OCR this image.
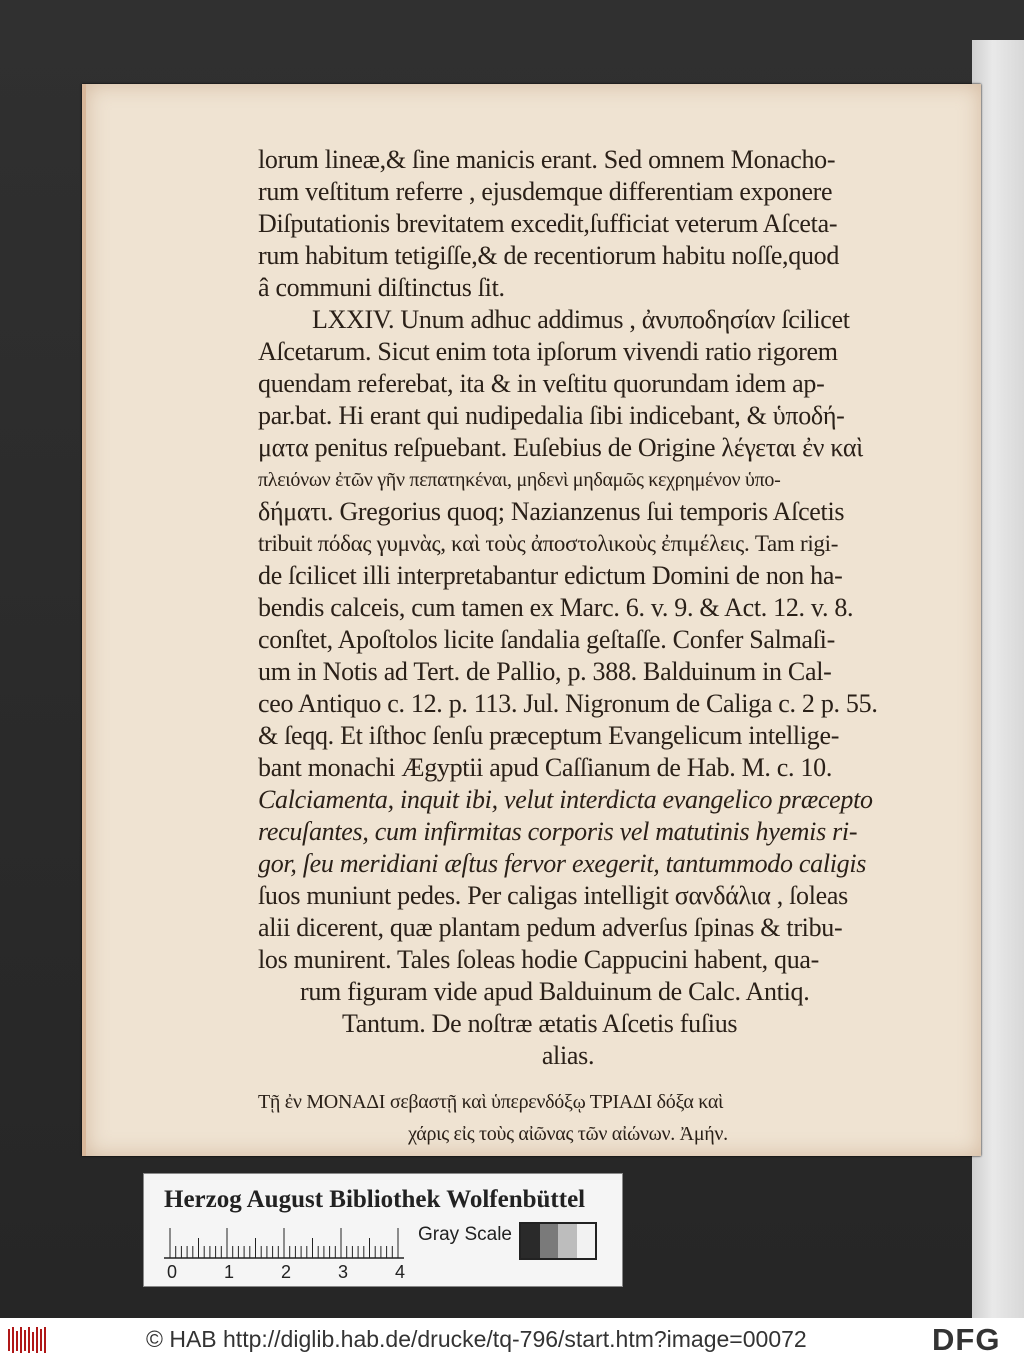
lorum lineæ,& ſine manicis erant. Sed omnem Monacho-
rum veſtitum referre , ejusdemque differentiam exponere
Diſputationis brevitatem excedit,ſufficiat veterum Aſceta-
rum habitum tetigiſſe,& de recentiorum habitu noſſe,quod
â communi diſtinctus ſit.
LXXIV. Unum adhuc addimus , ἀνυποδησίαν ſcilicet
Aſcetarum. Sicut enim tota ipſorum vivendi ratio rigorem
quendam referebat, ita & in veſtitu quorundam idem ap-
par.bat. Hi erant qui nudipedalia ſibi indicebant, & ὑποδή-
ματα penitus reſpuebant. Euſebius de Origine λέγεται ἐν καὶ
πλειόνων ἐτῶν γῆν πεπατηκέναι, μηδενὶ μηδαμῶς κεχρημένον ὑπο-
δήματι. Gregorius quoq; Nazianzenus ſui temporis Aſcetis
tribuit πόδας γυμνὰς, καὶ τοὺς ἀποστολικοὺς ἐπιμέλεις. Tam rigi-
de ſcilicet illi interpretabantur edictum Domini de non ha-
bendis calceis, cum tamen ex Marc. 6. v. 9. & Act. 12. v. 8.
conſtet, Apoſtolos licite ſandalia geſtaſſe. Confer Salmaſi-
um in Notis ad Tert. de Pallio, p. 388. Balduinum in Cal-
ceo Antiquo c. 12. p. 113. Jul. Nigronum de Caliga c. 2 p. 55.
& ſeqq. Et iſthoc ſenſu præceptum Evangelicum intellige-
bant monachi Ægyptii apud Caſſianum de Hab. M. c. 10.
Calciamenta, inquit ibi, velut interdicta evangelico præcepto
recuſantes, cum infirmitas corporis vel matutinis hyemis ri-
gor, ſeu meridiani æſtus fervor exegerit, tantummodo caligis
ſuos muniunt pedes. Per caligas intelligit σανδάλια , ſoleas
alii dicerent, quæ plantam pedum adverſus ſpinas & tribu-
los munirent. Tales ſoleas hodie Cappucini habent, qua-
rum figuram vide apud Balduinum de Calc. Antiq.
Tantum. De noſtræ ætatis Aſcetis fuſius
alias.
Τῇ ἐν ΜΟΝΑΔΙ σεβαστῇ καὶ ὑπερενδόξῳ ΤΡΙΑΔΙ δόξα καὶ
χάρις εἰς τοὺς αἰῶνας τῶν αἰώνων. Ἀμήν.
Herzog August Bibliothek Wolfenbüttel
0	1	2	3	4
Gray Scale
© HAB http://diglib.hab.de/drucke/tq-796/start.htm?image=00072	DFG
